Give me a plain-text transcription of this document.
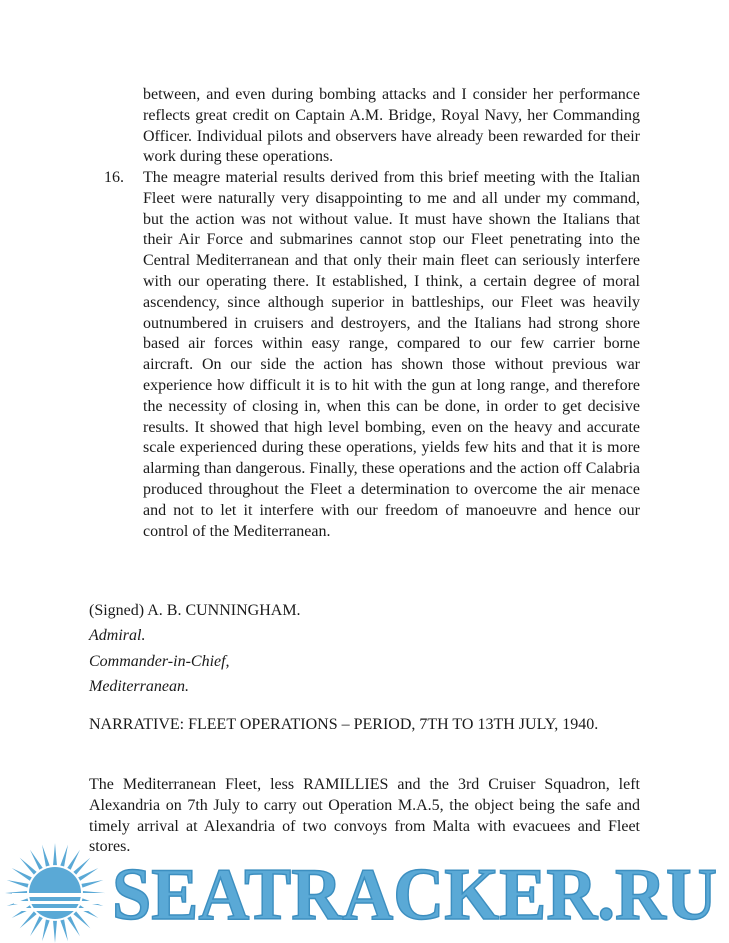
between, and even during bombing attacks and I consider her performance reflects great credit on Captain A.M. Bridge, Royal Navy, her Commanding Officer. Individual pilots and observers have already been rewarded for their work during these operations.

16. The meagre material results derived from this brief meeting with the Italian Fleet were naturally very disappointing to me and all under my command, but the action was not without value. It must have shown the Italians that their Air Force and submarines cannot stop our Fleet penetrating into the Central Mediterranean and that only their main fleet can seriously interfere with our operating there. It established, I think, a certain degree of moral ascendency, since although superior in battleships, our Fleet was heavily outnumbered in cruisers and destroyers, and the Italians had strong shore based air forces within easy range, compared to our few carrier borne aircraft. On our side the action has shown those without previous war experience how difficult it is to hit with the gun at long range, and therefore the necessity of closing in, when this can be done, in order to get decisive results. It showed that high level bombing, even on the heavy and accurate scale experienced during these operations, yields few hits and that it is more alarming than dangerous. Finally, these operations and the action off Calabria produced throughout the Fleet a determination to overcome the air menace and not to let it interfere with our freedom of manoeuvre and hence our control of the Mediterranean.

(Signed) A. B. CUNNINGHAM.

Admiral.

Commander-in-Chief,

Mediterranean.

NARRATIVE: FLEET OPERATIONS – PERIOD, 7TH TO 13TH JULY, 1940.

The Mediterranean Fleet, less RAMILLIES and the 3rd Cruiser Squadron, left Alexandria on 7th July to carry out Operation M.A.5, the object being the safe and timely arrival at Alexandria of two convoys from Malta with evacuees and Fleet stores.

SEATRACKER.RU
